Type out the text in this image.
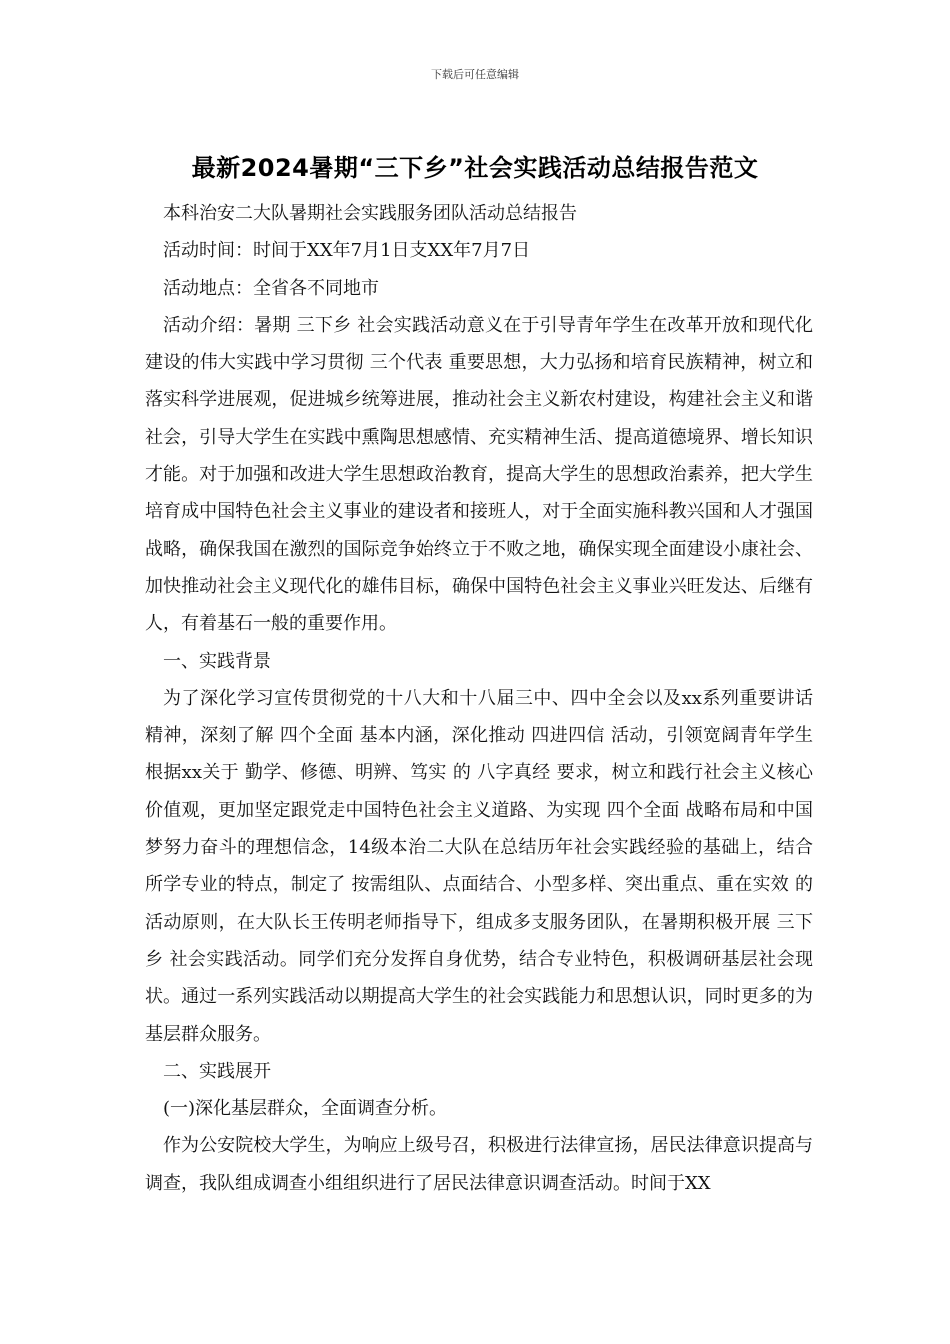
下载后可任意编辑
最新2024暑期“三下乡”社会实践活动总结报告范文

本科治安二大队暑期社会实践服务团队活动总结报告

活动时间：时间于XX年7月1日支XX年7月7日

活动地点：全省各不同地市

活动介绍：暑期 三下乡 社会实践活动意义在于引导青年学生在改革开放和现代化建设的伟大实践中学习贯彻 三个代表 重要思想，大力弘扬和培育民族精神，树立和落实科学进展观，促进城乡统筹进展，推动社会主义新农村建设，构建社会主义和谐社会，引导大学生在实践中熏陶思想感情、充实精神生活、提高道德境界、增长知识才能。对于加强和改进大学生思想政治教育，提高大学生的思想政治素养，把大学生培育成中国特色社会主义事业的建设者和接班人，对于全面实施科教兴国和人才强国战略，确保我国在激烈的国际竞争始终立于不败之地，确保实现全面建设小康社会、加快推动社会主义现代化的雄伟目标，确保中国特色社会主义事业兴旺发达、后继有人，有着基石一般的重要作用。

一、实践背景

为了深化学习宣传贯彻党的十八大和十八届三中、四中全会以及xx系列重要讲话精神，深刻了解 四个全面 基本内涵，深化推动 四进四信 活动，引领宽阔青年学生根据xx关于 勤学、修德、明辨、笃实 的 八字真经 要求，树立和践行社会主义核心价值观，更加坚定跟党走中国特色社会主义道路、为实现 四个全面 战略布局和中国梦努力奋斗的理想信念，14级本治二大队在总结历年社会实践经验的基础上，结合所学专业的特点，制定了 按需组队、点面结合、小型多样、突出重点、重在实效 的活动原则，在大队长王传明老师指导下，组成多支服务团队，在暑期积极开展 三下乡 社会实践活动。同学们充分发挥自身优势，结合专业特色，积极调研基层社会现状。通过一系列实践活动以期提高大学生的社会实践能力和思想认识，同时更多的为基层群众服务。

二、实践展开

(一)深化基层群众，全面调查分析。

作为公安院校大学生，为响应上级号召，积极进行法律宣扬，居民法律意识提高与调查，我队组成调查小组组织进行了居民法律意识调查活动。时间于XX
